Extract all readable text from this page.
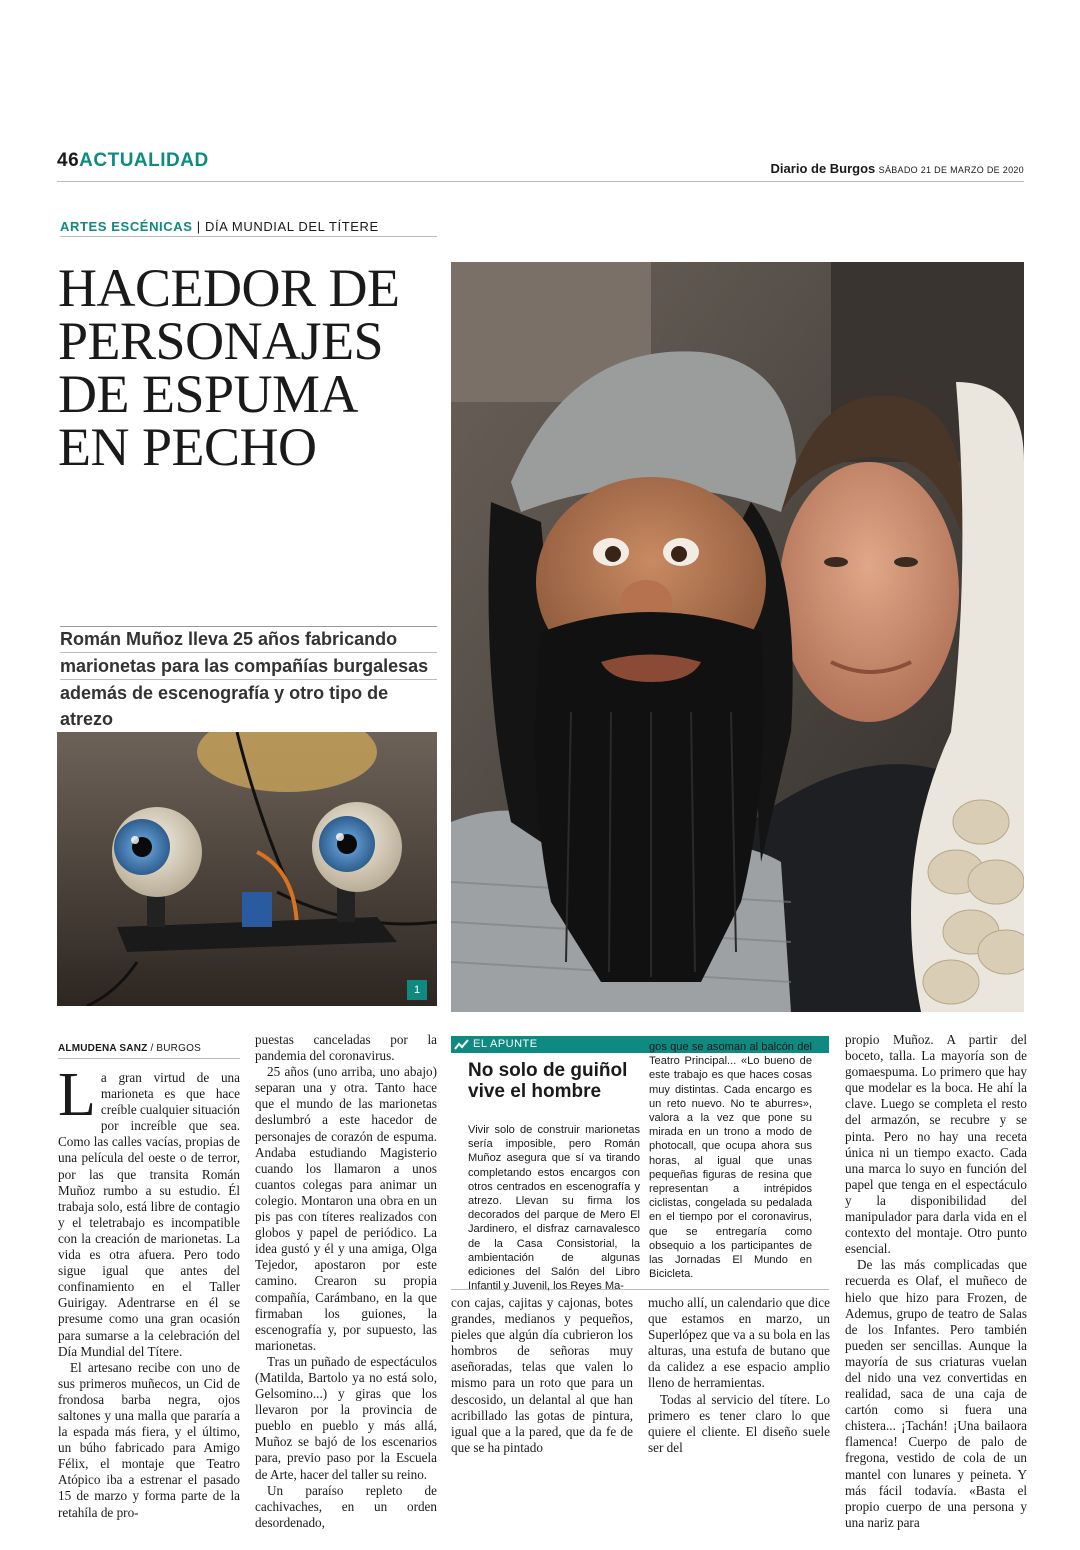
46ACTUALIDAD	Diario de Burgos SÁBADO 21 DE MARZO DE 2020
ARTES ESCÉNICAS | DÍA MUNDIAL DEL TÍTERE
HACEDOR DE
PERSONAJES
DE ESPUMA
EN PECHO
Román Muñoz lleva 25 años fabricando
marionetas para las compañías burgalesas
además de escenografía y otro tipo de atrezo
1
ALMUDENA SANZ / BURGOS

La gran virtud de una marioneta es que hace creíble cualquier situación por increíble que sea. Como las calles vacías, propias de una película del oeste o de terror, por las que transita Román Muñoz rumbo a su estudio. Él trabaja solo, está libre de contagio y el teletrabajo es incompatible con la creación de marionetas. La vida es otra afuera. Pero todo sigue igual que antes del confinamiento en el Taller Guirigay. Adentrarse en él se presume como una gran ocasión para sumarse a la celebración del Día Mundial del Títere.

El artesano recibe con uno de sus primeros muñecos, un Cid de frondosa barba negra, ojos saltones y una malla que pararía a la espada más fiera, y el último, un búho fabricado para Amigo Félix, el montaje que Teatro Atópico iba a estrenar el pasado 15 de marzo y forma parte de la retahíla de pro-

puestas canceladas por la pandemia del coronavirus.

25 años (uno arriba, uno abajo) separan una y otra. Tanto hace que el mundo de las marionetas deslumbró a este hacedor de personajes de corazón de espuma. Andaba estudiando Magisterio cuando los llamaron a unos cuantos colegas para animar un colegio. Montaron una obra en un pis pas con títeres realizados con globos y papel de periódico. La idea gustó y él y una amiga, Olga Tejedor, apostaron por este camino. Crearon su propia compañía, Carámbano, en la que firmaban los guiones, la escenografía y, por supuesto, las marionetas.

Tras un puñado de espectáculos (Matilda, Bartolo ya no está solo, Gelsomino...) y giras que los llevaron por la provincia de pueblo en pueblo y más allá, Muñoz se bajó de los escenarios para, previo paso por la Escuela de Arte, hacer del taller su reino.

Un paraíso repleto de cachivaches, en un orden desordenado,

EL APUNTE
No solo de guiñol vive el hombre
Vivir solo de construir marionetas sería imposible, pero Román Muñoz asegura que sí va tirando completando estos encargos con otros centrados en escenografía y atrezo. Llevan su firma los decorados del parque de Mero El Jardinero, el disfraz carnavalesco de la Casa Consistorial, la ambientación de algunas ediciones del Salón del Libro Infantil y Juvenil, los Reyes Ma-
gos que se asoman al balcón del Teatro Principal... «Lo bueno de este trabajo es que haces cosas muy distintas. Cada encargo es un reto nuevo. No te aburres», valora a la vez que pone su mirada en un trono a modo de photocall, que ocupa ahora sus horas, al igual que unas pequeñas figuras de resina que representan a intrépidos ciclistas, congelada su pedalada en el tiempo por el coronavirus, que se entregaría como obsequio a los participantes de las Jornadas El Mundo en Bicicleta.

con cajas, cajitas y cajonas, botes grandes, medianos y pequeños, pieles que algún día cubrieron los hombros de señoras muy aseñoradas, telas que valen lo mismo para un roto que para un descosido, un delantal al que han acribillado las gotas de pintura, igual que a la pared, que da fe de que se ha pintado

mucho allí, un calendario que dice que estamos en marzo, un Superlópez que va a su bola en las alturas, una estufa de butano que da calidez a ese espacio amplio lleno de herramientas.

Todas al servicio del títere. Lo primero es tener claro lo que quiere el cliente. El diseño suele ser del

propio Muñoz. A partir del boceto, talla. La mayoría son de gomaespuma. Lo primero que hay que modelar es la boca. He ahí la clave. Luego se completa el resto del armazón, se recubre y se pinta. Pero no hay una receta única ni un tiempo exacto. Cada una marca lo suyo en función del papel que tenga en el espectáculo y la disponibilidad del manipulador para darla vida en el contexto del montaje. Otro punto esencial.

De las más complicadas que recuerda es Olaf, el muñeco de hielo que hizo para Frozen, de Ademus, grupo de teatro de Salas de los Infantes. Pero también pueden ser sencillas. Aunque la mayoría de sus criaturas vuelan del nido una vez convertidas en realidad, saca de una caja de cartón como si fuera una chistera... ¡Tachán! ¡Una bailaora flamenca! Cuerpo de palo de fregona, vestido de cola de un mantel con lunares y peineta. Y más fácil todavía. «Basta el propio cuerpo de una persona y una nariz para
